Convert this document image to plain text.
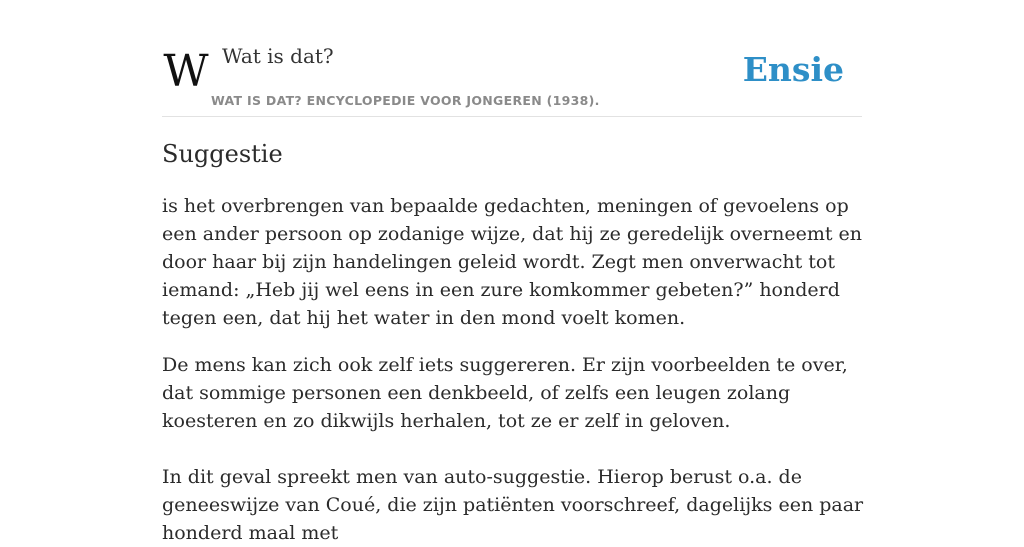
W Wat is dat?	Ensie
WAT IS DAT? ENCYCLOPEDIE VOOR JONGEREN (1938).
Suggestie

is het overbrengen van bepaalde gedachten, meningen of gevoelens op een ander persoon op zodanige wijze, dat hij ze geredelijk overneemt en door haar bij zijn handelingen geleid wordt. Zegt men onverwacht tot iemand: „Heb jij wel eens in een zure komkommer gebeten?” honderd tegen een, dat hij het water in den mond voelt komen.

De mens kan zich ook zelf iets suggereren. Er zijn voorbeelden te over, dat sommige personen een denkbeeld, of zelfs een leugen zolang koesteren en zo dikwijls herhalen, tot ze er zelf in geloven.

In dit geval spreekt men van auto-suggestie. Hierop berust o.a. de geneeswijze van Coué, die zijn patiënten voorschreef, dagelijks een paar honderd maal met
